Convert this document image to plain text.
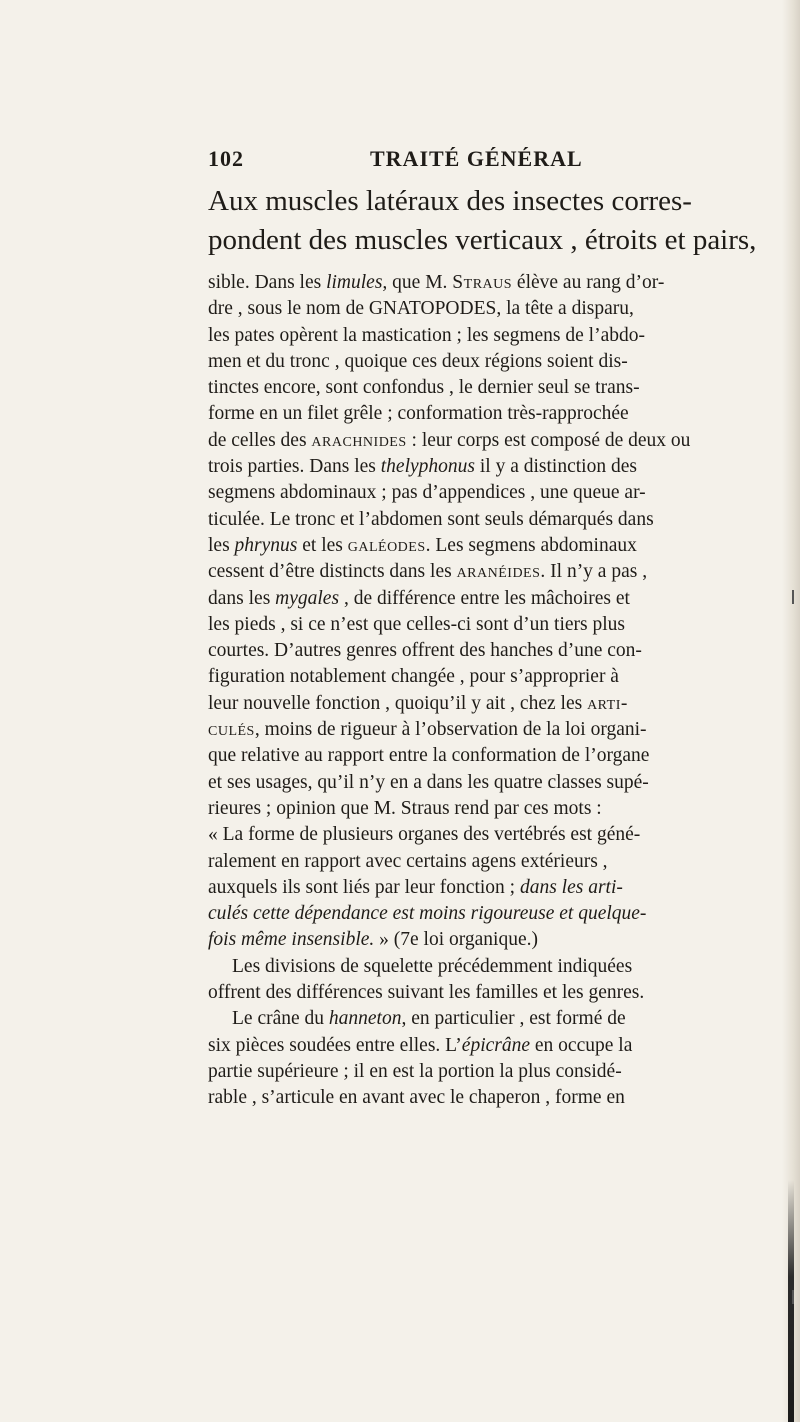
102	TRAITÉ GÉNÉRAL
Aux muscles latéraux des insectes corres-
pondent des muscles verticaux , étroits et pairs,
sible. Dans les limules, que M. Straus élève au rang d’or-
dre , sous le nom de GNATOPODES, la tête a disparu,
les pates opèrent la mastication ; les segmens de l’abdo-
men et du tronc , quoique ces deux régions soient dis-
tinctes encore, sont confondus , le dernier seul se trans-
forme en un filet grêle ; conformation très-rapprochée
de celles des arachnides : leur corps est composé de deux ou
trois parties. Dans les thelyphonus il y a distinction des
segmens abdominaux ; pas d’appendices , une queue ar-
ticulée. Le tronc et l’abdomen sont seuls démarqués dans
les phrynus et les galéodes. Les segmens abdominaux
cessent d’être distincts dans les aranéides. Il n’y a pas ,
dans les mygales , de différence entre les mâchoires et
les pieds , si ce n’est que celles-ci sont d’un tiers plus
courtes. D’autres genres offrent des hanches d’une con-
figuration notablement changée , pour s’approprier à
leur nouvelle fonction , quoiqu’il y ait , chez les arti-
culés, moins de rigueur à l’observation de la loi organi-
que relative au rapport entre la conformation de l’organe
et ses usages, qu’il n’y en a dans les quatre classes supé-
rieures ; opinion que M. Straus rend par ces mots :
« La forme de plusieurs organes des vertébrés est géné-
ralement en rapport avec certains agens extérieurs ,
auxquels ils sont liés par leur fonction ; dans les arti-
culés cette dépendance est moins rigoureuse et quelque-
fois même insensible. » (7e loi organique.)
Les divisions de squelette précédemment indiquées
offrent des différences suivant les familles et les genres.
Le crâne du hanneton, en particulier , est formé de
six pièces soudées entre elles. L’épicrâne en occupe la
partie supérieure ; il en est la portion la plus considé-
rable , s’articule en avant avec le chaperon , forme en
